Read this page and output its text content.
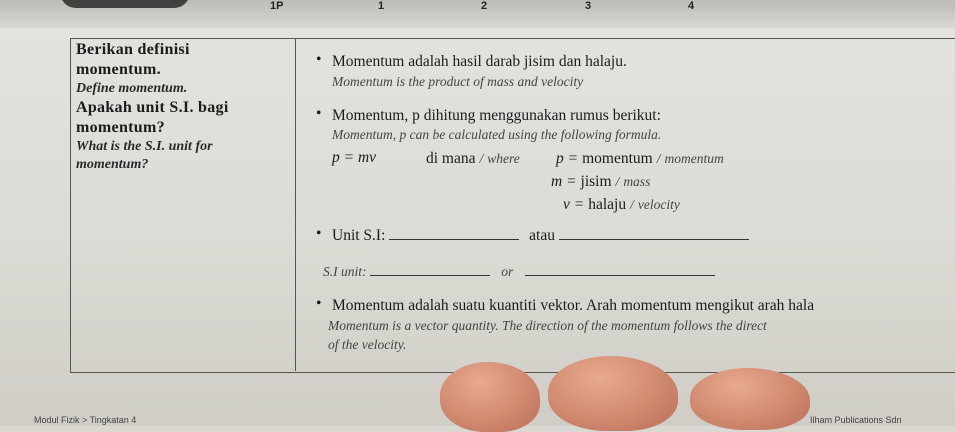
1P	1	2	3	4
Berikan definisi
momentum.
Define momentum.
Apakah unit S.I. bagi
momentum?
What is the S.I. unit for
momentum?
• Momentum adalah hasil darab jisim dan halaju.
Momentum is the product of mass and velocity
• Momentum, p dihitung menggunakan rumus berikut:
Momentum, p can be calculated using the following formula.
p = mv	di mana / where p = momentum / momentum
m = jisim / mass
v = halaju / velocity
• Unit S.I:	atau
S.I unit:	or
• Momentum adalah suatu kuantiti vektor. Arah momentum mengikut arah hala
Momentum is a vector quantity. The direction of the momentum follows the direct
of the velocity.
Modul Fizik > Tingkatan 4	Ilham Publications Sdn
